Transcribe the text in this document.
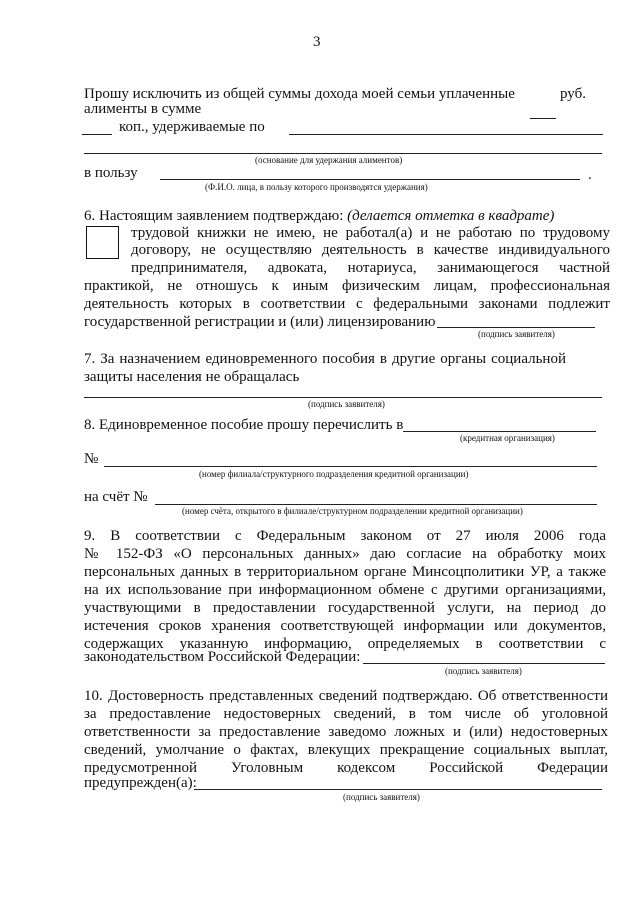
3
Прошу исключить из общей суммы дохода моей семьи уплаченные	руб.
алименты в сумме
коп., удерживаемые по
(основание для удержания алиментов)
в пользу	.
(Ф.И.О. лица, в пользу которого производятся удержания)
6. Настоящим заявлением подтверждаю: (делается отметка в квадрате)
трудовой книжки не имею, не работал(а) и не работаю по трудовому
договору, не осуществляю деятельность в качестве индивидуального
предпринимателя, адвоката, нотариуса, занимающегося частной
практикой, не отношусь к иным физическим лицам, профессиональная
деятельность которых в соответствии с федеральными законами подлежит
государственной регистрации и (или) лицензированию
(подпись заявителя)
7. За назначением единовременного пособия в другие органы социальной
защиты населения не обращалась
(подпись заявителя)
8. Единовременное пособие прошу перечислить в
(кредитная организация)
№
(номер филиала/структурного подразделения кредитной организации)
на счёт №
(номер счёта, открытого в филиале/структурном подразделении кредитной организации)
9. В соответствии с Федеральным законом от 27 июля 2006 года
№ 152-ФЗ «О персональных данных» даю согласие на обработку моих
персональных данных в территориальном органе Минсоцполитики УР, а также
на их использование при информационном обмене с другими организациями,
участвующими в предоставлении государственной услуги, на период до
истечения сроков хранения соответствующей информации или документов,
содержащих указанную информацию, определяемых в соответствии с
законодательством Российской Федерации:
(подпись заявителя)
10. Достоверность представленных сведений подтверждаю. Об ответственности
за предоставление недостоверных сведений, в том числе об уголовной
ответственности за предоставление заведомо ложных и (или) недостоверных
сведений, умолчание о фактах, влекущих прекращение социальных выплат,
предусмотренной Уголовным кодексом Российской Федерации
предупрежден(а):
(подпись заявителя)
